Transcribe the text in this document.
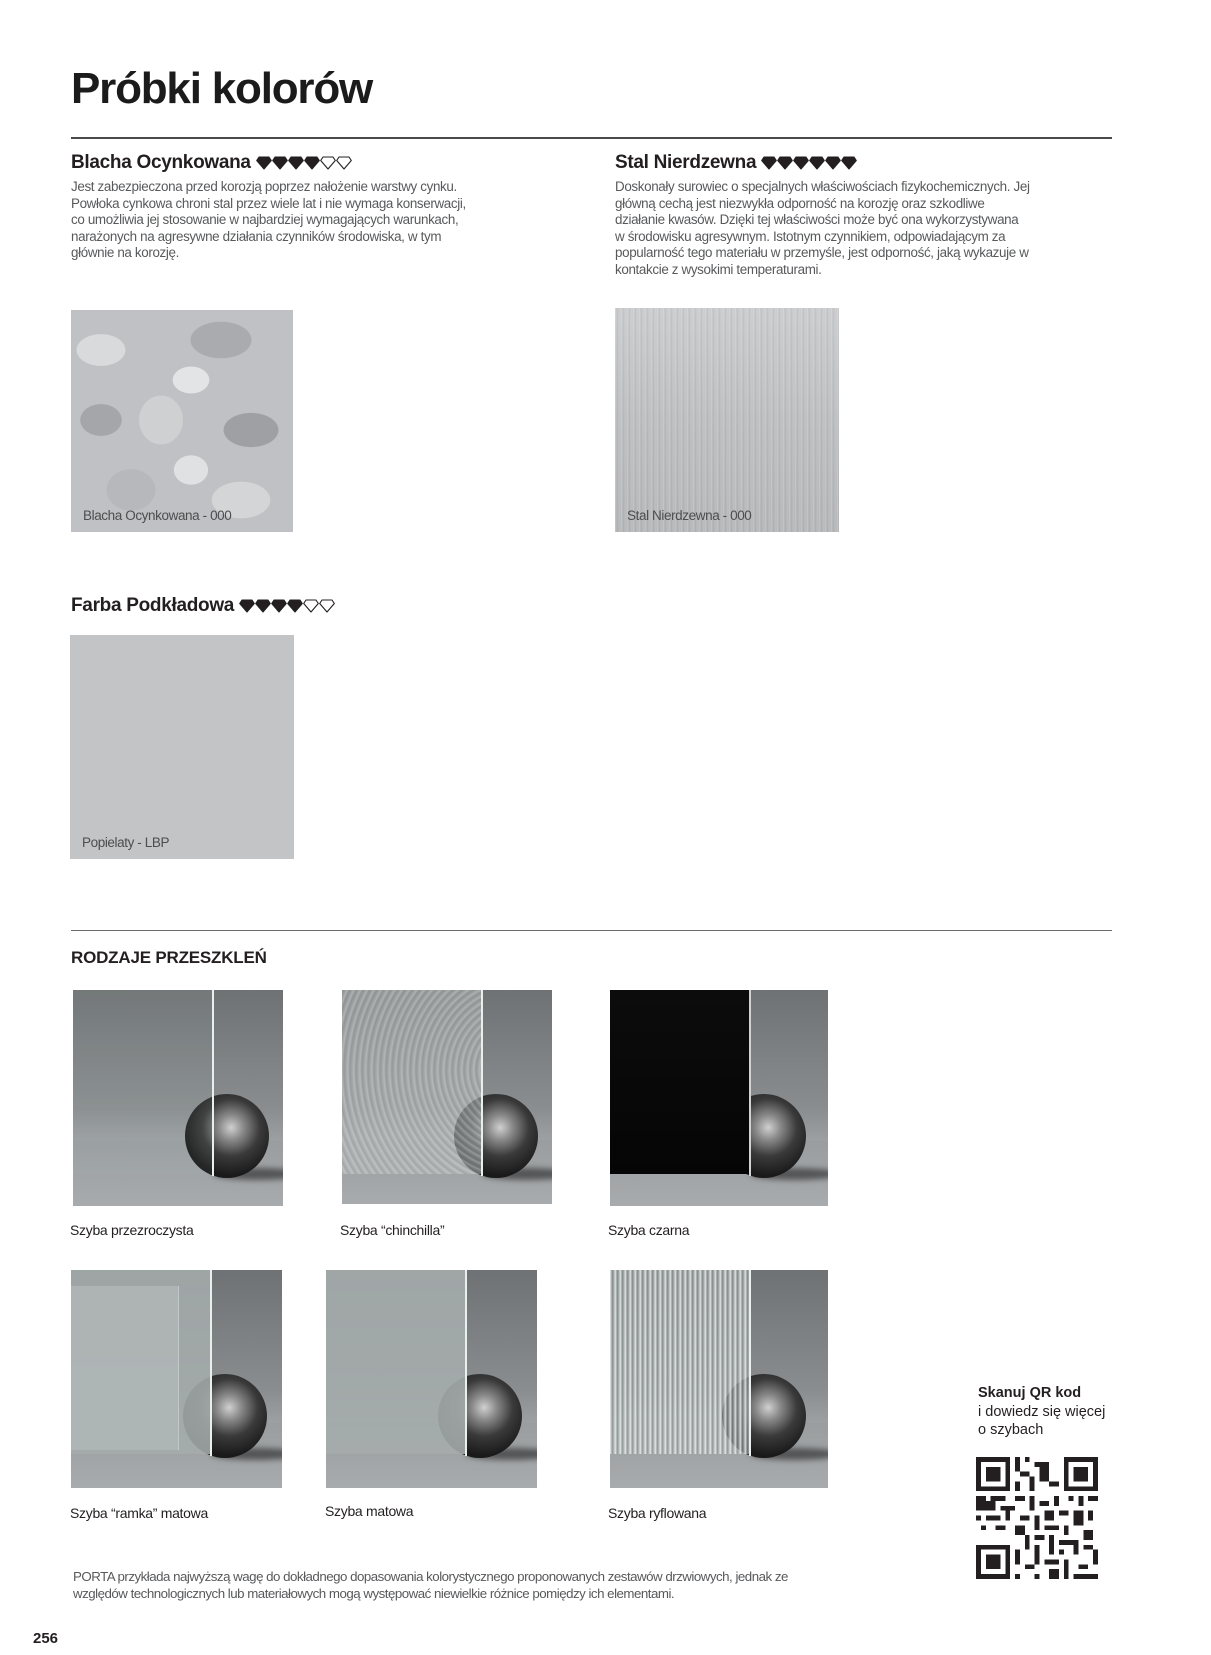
Próbki kolorów
Blacha Ocynkowana

Jest zabezpieczona przed korozją poprzez nałożenie warstwy cynku. Powłoka cynkowa chroni stal przez wiele lat i nie wymaga konserwacji, co umożliwia jej stosowanie w najbardziej wymagających warunkach, narażonych na agresywne działania czynników środowiska, w tym głównie na korozję.

Blacha Ocynkowana - 000
Stal Nierdzewna

Doskonały surowiec o specjalnych właściwościach fizykochemicznych. Jej główną cechą jest niezwykła odporność na korozję oraz szkodliwe działanie kwasów. Dzięki tej właściwości może być ona wykorzystywana w środowisku agresywnym. Istotnym czynnikiem, odpowiadającym za popularność tego materiału w przemyśle, jest odporność, jaką wykazuje w kontakcie z wysokimi temperaturami.

Stal Nierdzewna - 000
Farba Podkładowa
Popielaty - LBP
RODZAJE PRZESZKLEŃ
Szyba przezroczysta	Szyba “chinchilla”	Szyba czarna
Szyba “ramka” matowa	Szyba matowa	Szyba ryflowana
Skanuj QR kod
i dowiedz się więcej
o szybach

PORTA przykłada najwyższą wagę do dokładnego dopasowania kolorystycznego proponowanych zestawów drzwiowych, jednak ze względów technologicznych lub materiałowych mogą występować niewielkie różnice pomiędzy ich elementami.

256
